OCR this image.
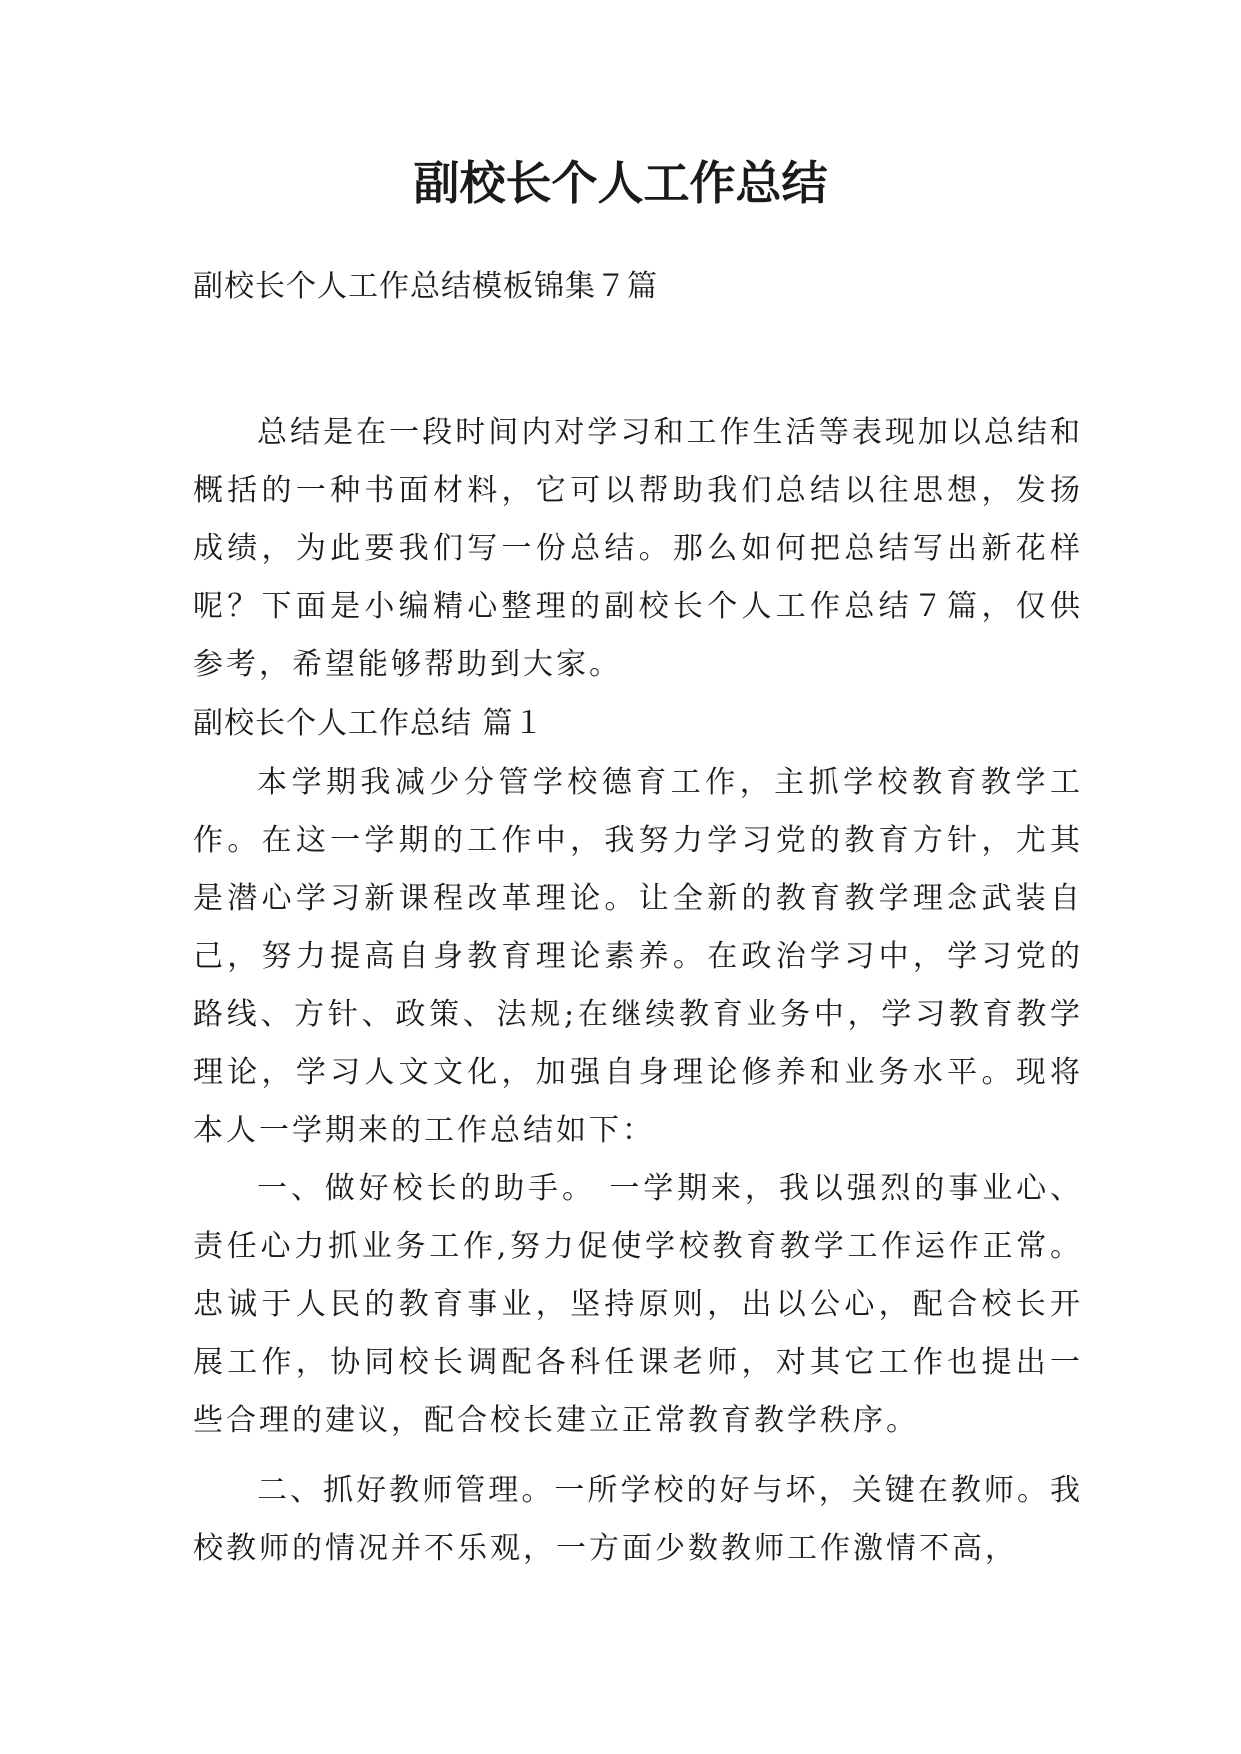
副校长个人工作总结

副校长个人工作总结模板锦集７篇

总结是在一段时间内对学习和工作生活等表现加以总结和概括的一种书面材料，它可以帮助我们总结以往思想，发扬成绩，为此要我们写一份总结。那么如何把总结写出新花样呢？下面是小编精心整理的副校长个人工作总结７篇，仅供参考，希望能够帮助到大家。

副校长个人工作总结 篇１

本学期我减少分管学校德育工作，主抓学校教育教学工作。在这一学期的工作中，我努力学习党的教育方针，尤其是潜心学习新课程改革理论。让全新的教育教学理念武装自己，努力提高自身教育理论素养。在政治学习中，学习党的路线、方针、政策、法规;在继续教育业务中，学习教育教学理论，学习人文文化，加强自身理论修养和业务水平。现将本人一学期来的工作总结如下：

一、做好校长的助手。 一学期来，我以强烈的事业心、责任心力抓业务工作,努力促使学校教育教学工作运作正常。忠诚于人民的教育事业，坚持原则，出以公心，配合校长开展工作，协同校长调配各科任课老师，对其它工作也提出一些合理的建议，配合校长建立正常教育教学秩序。

二、抓好教师管理。一所学校的好与坏，关键在教师。我校教师的情况并不乐观，一方面少数教师工作激情不高，
